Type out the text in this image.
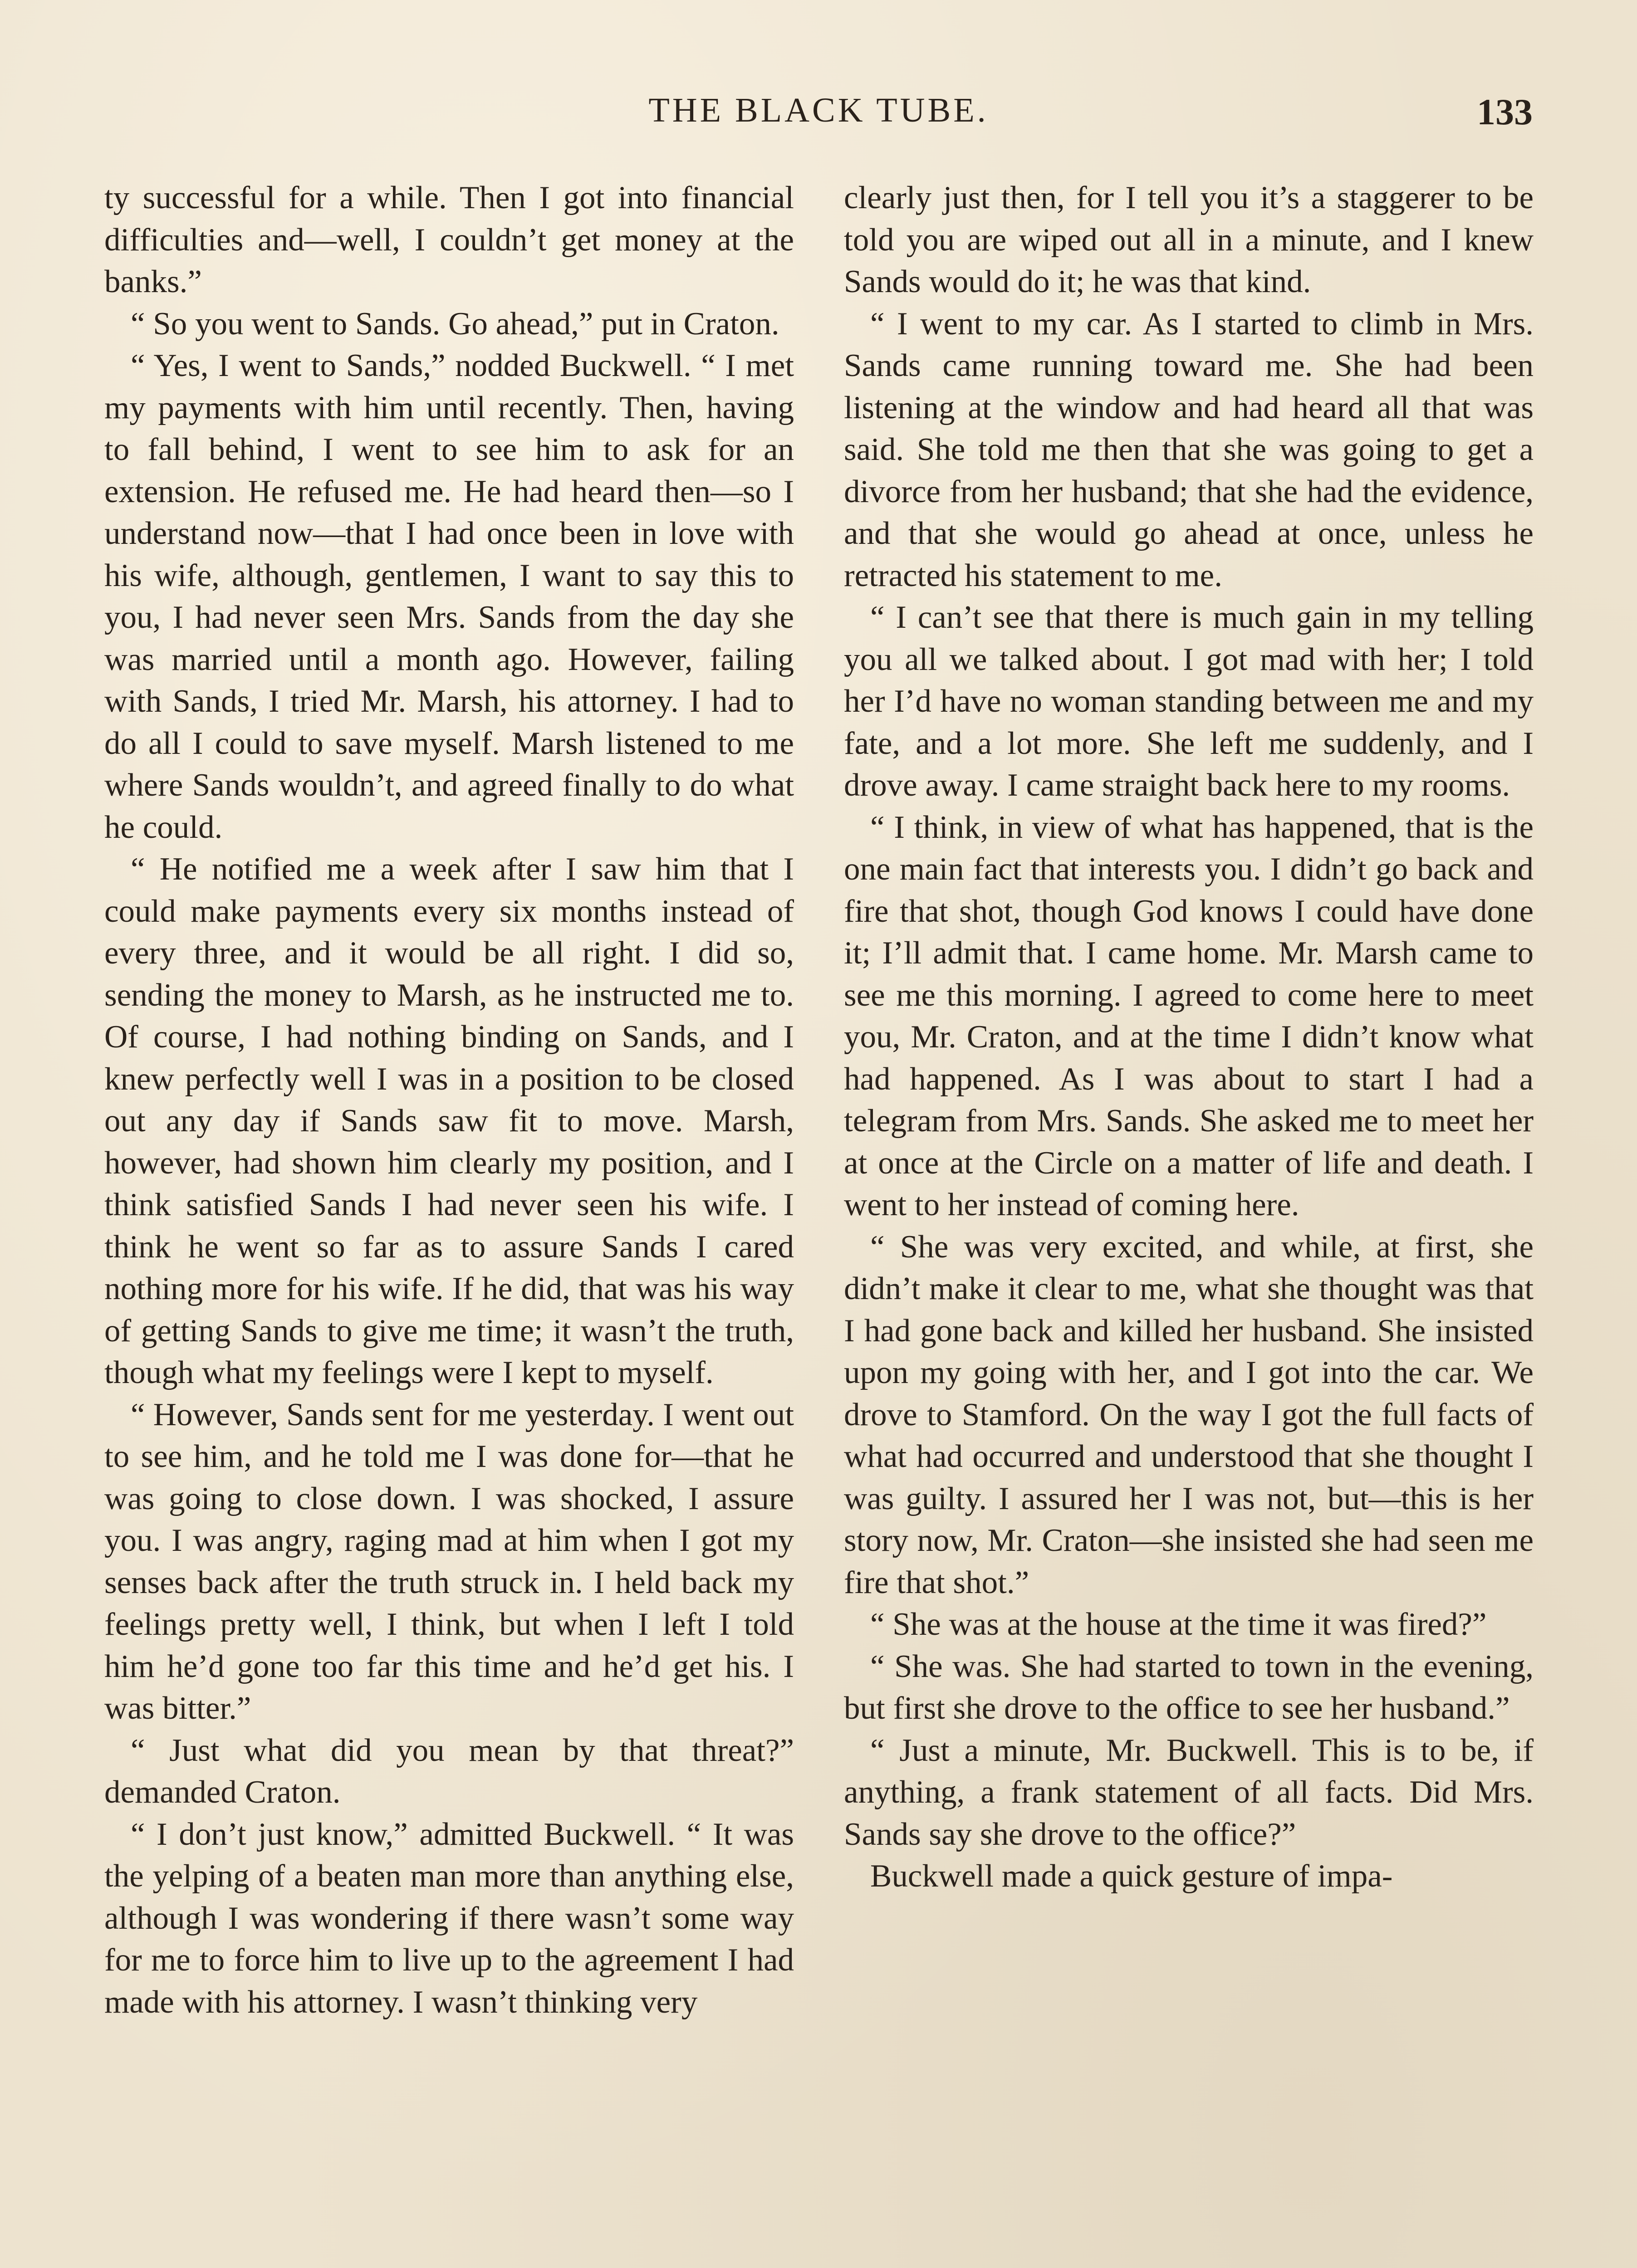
THE BLACK TUBE.	133

ty successful for a while. Then I got into financial difficulties and—well, I couldn’t get money at the banks.”

“ So you went to Sands. Go ahead,” put in Craton.

“ Yes, I went to Sands,” nodded Buckwell. “ I met my payments with him until recently. Then, having to fall behind, I went to see him to ask for an extension. He refused me. He had heard then—so I understand now—that I had once been in love with his wife, although, gentlemen, I want to say this to you, I had never seen Mrs. Sands from the day she was married until a month ago. However, failing with Sands, I tried Mr. Marsh, his attorney. I had to do all I could to save myself. Marsh listened to me where Sands wouldn’t, and agreed finally to do what he could.

“ He notified me a week after I saw him that I could make payments every six months instead of every three, and it would be all right. I did so, sending the money to Marsh, as he instructed me to. Of course, I had nothing binding on Sands, and I knew perfectly well I was in a position to be closed out any day if Sands saw fit to move. Marsh, however, had shown him clearly my position, and I think satisfied Sands I had never seen his wife. I think he went so far as to assure Sands I cared nothing more for his wife. If he did, that was his way of getting Sands to give me time; it wasn’t the truth, though what my feelings were I kept to myself.

“ However, Sands sent for me yesterday. I went out to see him, and he told me I was done for—that he was going to close down. I was shocked, I assure you. I was angry, raging mad at him when I got my senses back after the truth struck in. I held back my feelings pretty well, I think, but when I left I told him he’d gone too far this time and he’d get his. I was bitter.”

“ Just what did you mean by that threat?” demanded Craton.

“ I don’t just know,” admitted Buckwell. “ It was the yelping of a beaten man more than anything else, although I was wondering if there wasn’t some way for me to force him to live up to the agreement I had made with his attorney. I wasn’t thinking very

clearly just then, for I tell you it’s a staggerer to be told you are wiped out all in a minute, and I knew Sands would do it; he was that kind.

“ I went to my car. As I started to climb in Mrs. Sands came running toward me. She had been listening at the window and had heard all that was said. She told me then that she was going to get a divorce from her husband; that she had the evidence, and that she would go ahead at once, unless he retracted his statement to me.

“ I can’t see that there is much gain in my telling you all we talked about. I got mad with her; I told her I’d have no woman standing between me and my fate, and a lot more. She left me suddenly, and I drove away. I came straight back here to my rooms.

“ I think, in view of what has happened, that is the one main fact that interests you. I didn’t go back and fire that shot, though God knows I could have done it; I’ll admit that. I came home. Mr. Marsh came to see me this morning. I agreed to come here to meet you, Mr. Craton, and at the time I didn’t know what had happened. As I was about to start I had a telegram from Mrs. Sands. She asked me to meet her at once at the Circle on a matter of life and death. I went to her instead of coming here.

“ She was very excited, and while, at first, she didn’t make it clear to me, what she thought was that I had gone back and killed her husband. She insisted upon my going with her, and I got into the car. We drove to Stamford. On the way I got the full facts of what had occurred and understood that she thought I was guilty. I assured her I was not, but—this is her story now, Mr. Craton—she insisted she had seen me fire that shot.”

“ She was at the house at the time it was fired?”

“ She was. She had started to town in the evening, but first she drove to the office to see her husband.”

“ Just a minute, Mr. Buckwell. This is to be, if anything, a frank statement of all facts. Did Mrs. Sands say she drove to the office?”

Buckwell made a quick gesture of impa-
